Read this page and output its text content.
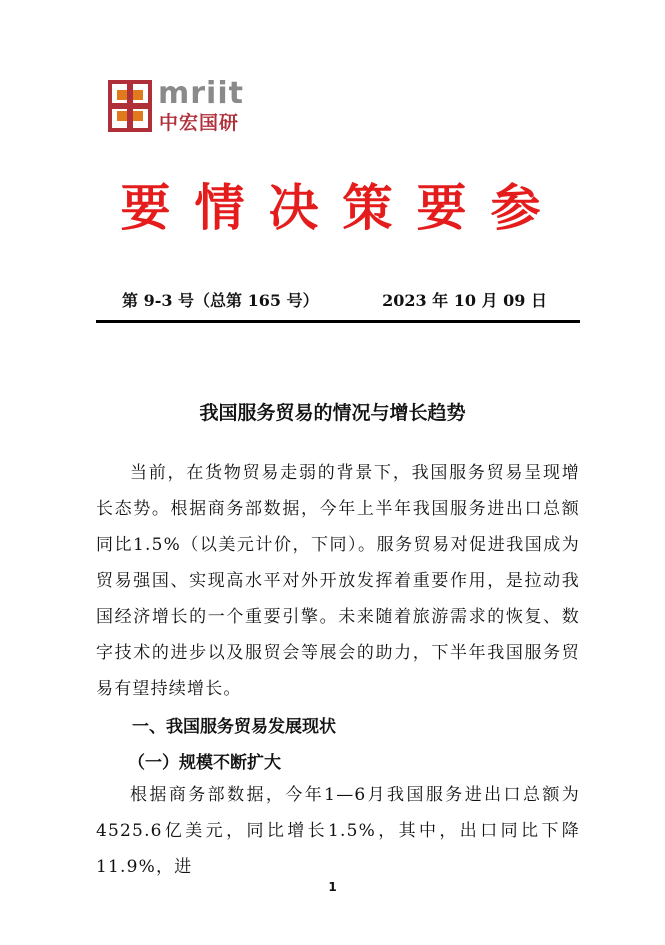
mriit
中宏国研
要情决策要参
第 9-3 号（总第 165 号）	2023 年 10 月 09 日
我国服务贸易的情况与增长趋势

当前，在货物贸易走弱的背景下，我国服务贸易呈现增长态势。根据商务部数据，今年上半年我国服务进出口总额同比1.5%（以美元计价，下同）。服务贸易对促进我国成为贸易强国、实现高水平对外开放发挥着重要作用，是拉动我国经济增长的一个重要引擎。未来随着旅游需求的恢复、数字技术的进步以及服贸会等展会的助力，下半年我国服务贸易有望持续增长。

一、我国服务贸易发展现状
（一）规模不断扩大

根据商务部数据，今年1—6月我国服务进出口总额为4525.6亿美元，同比增长1.5%，其中，出口同比下降11.9%，进

1
